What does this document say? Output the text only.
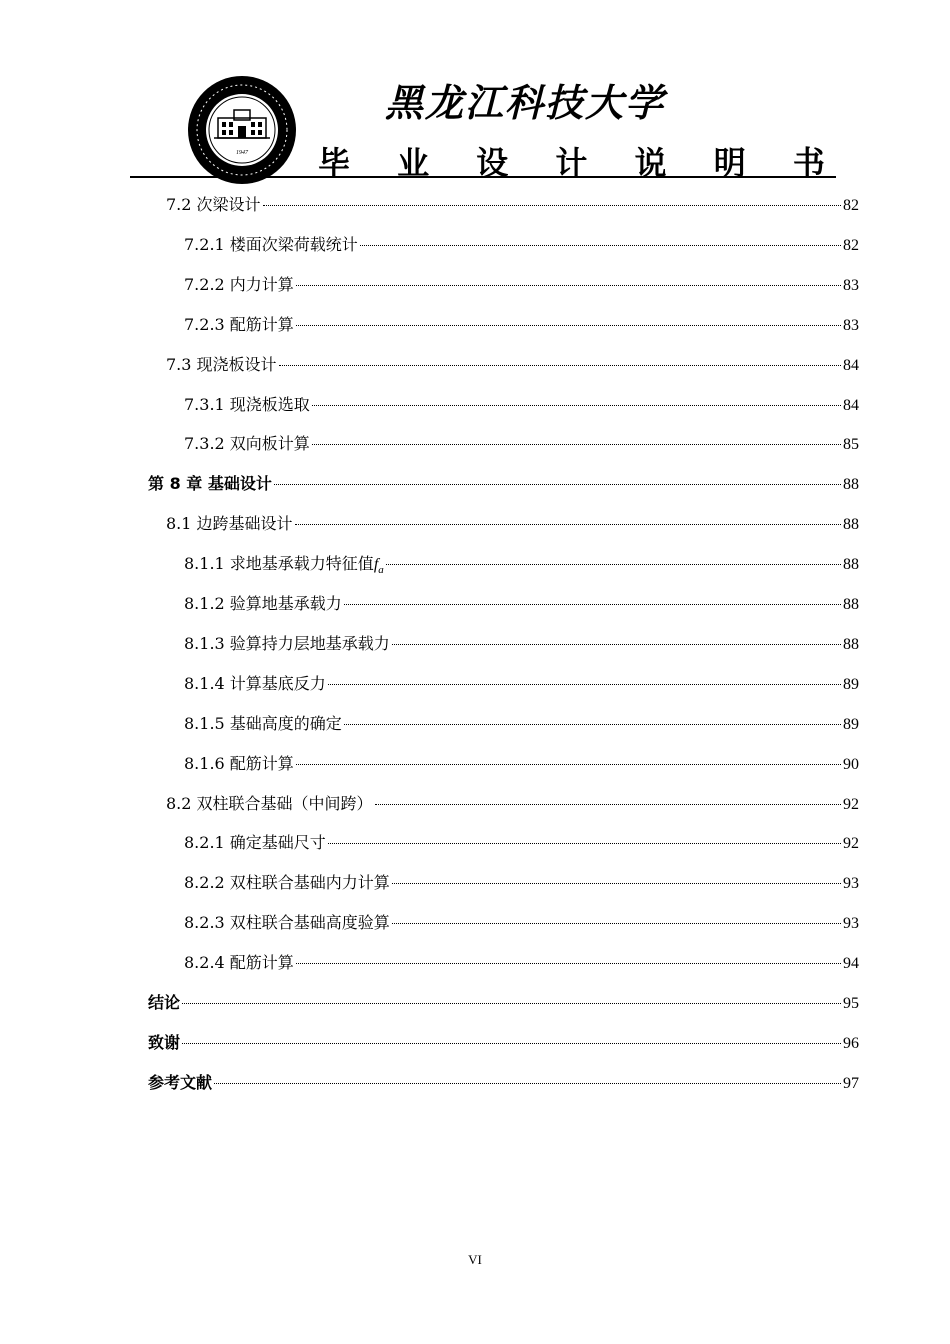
1947
黑龙江科技大学
毕 业 设 计 说 明 书
7.2 次梁设计	82
7.2.1 楼面次梁荷载统计	82
7.2.2 内力计算	83
7.2.3 配筋计算	83
7.3 现浇板设计	84
7.3.1 现浇板选取	84
7.3.2 双向板计算	85
第 8 章 基础设计	88
8.1 边跨基础设计	88
8.1.1 求地基承载力特征值 $f_a$	88
8.1.2 验算地基承载力	88
8.1.3 验算持力层地基承载力	88
8.1.4 计算基底反力	89
8.1.5 基础高度的确定	89
8.1.6 配筋计算	90
8.2 双柱联合基础（中间跨）	92
8.2.1 确定基础尺寸	92
8.2.2 双柱联合基础内力计算	93
8.2.3 双柱联合基础高度验算	93
8.2.4 配筋计算	94
结论	95
致谢	96
参考文献	97
VI
